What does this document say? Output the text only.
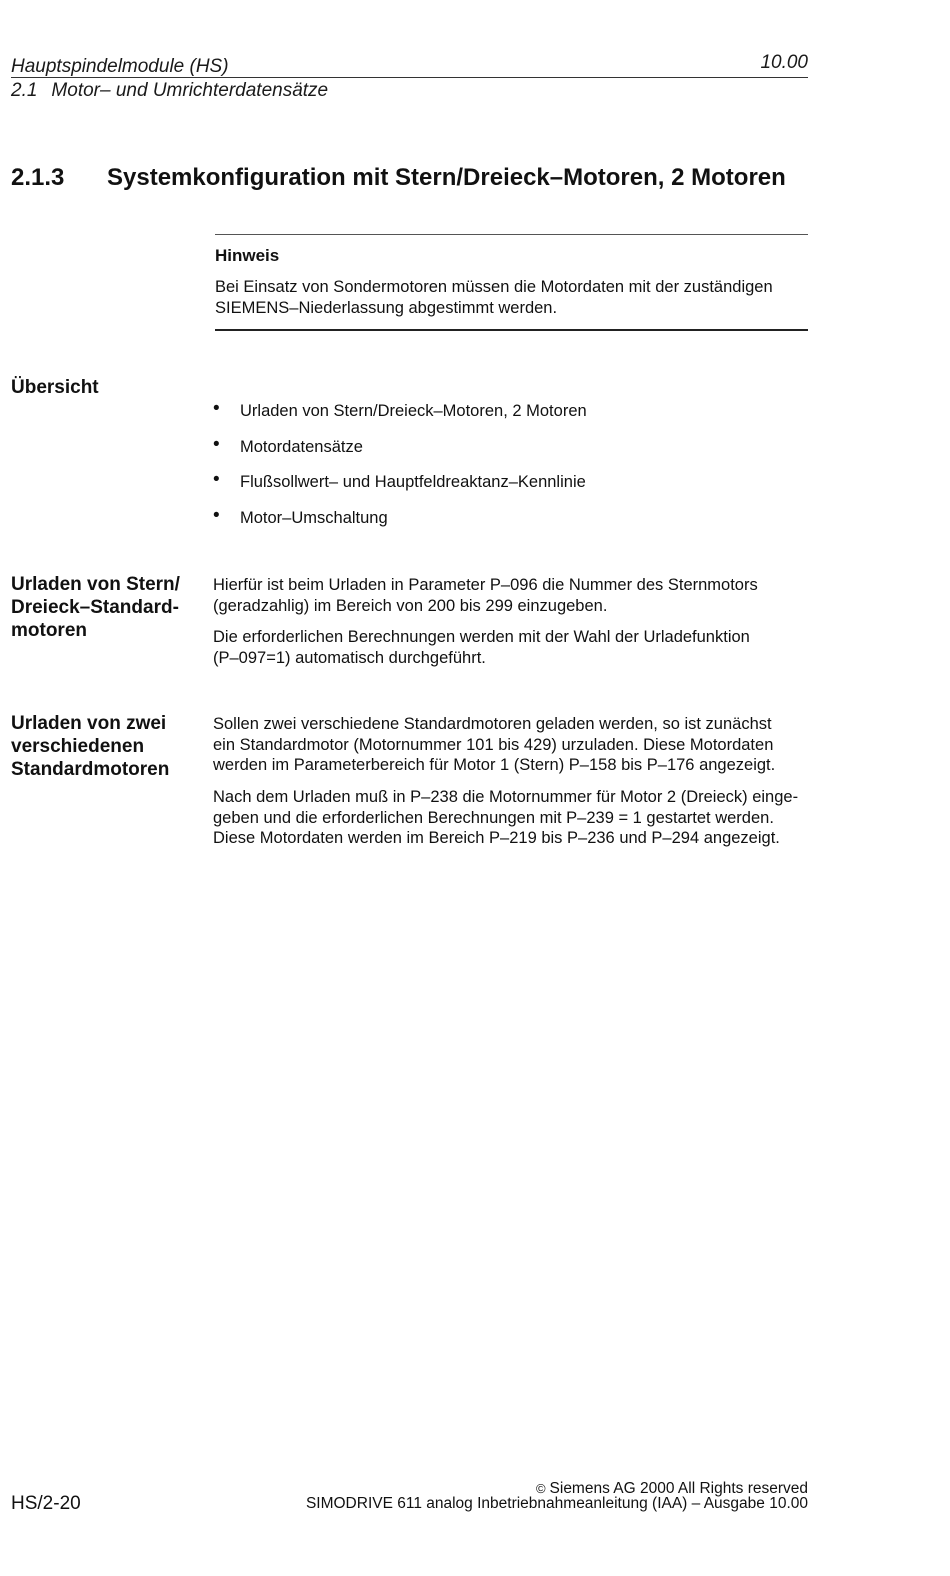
Hauptspindelmodule (HS)	10.00
2.1 Motor– und Umrichterdatensätze
2.1.3 Systemkonfiguration mit Stern/Dreieck–Motoren, 2 Motoren
Hinweis
Bei Einsatz von Sondermotoren müssen die Motordaten mit der zuständigen
SIEMENS–Niederlassung abgestimmt werden.
Übersicht
• Urladen von Stern/Dreieck–Motoren, 2 Motoren
• Motordatensätze
• Flußsollwert– und Hauptfeldreaktanz–Kennlinie
• Motor–Umschaltung
Urladen von Stern/
Dreieck–Standard-
motoren

Hierfür ist beim Urladen in Parameter P–096 die Nummer des Sternmotors
(geradzahlig) im Bereich von 200 bis 299 einzugeben.

Die erforderlichen Berechnungen werden mit der Wahl der Urladefunktion
(P–097=1) automatisch durchgeführt.

Urladen von zwei
verschiedenen
Standardmotoren

Sollen zwei verschiedene Standardmotoren geladen werden, so ist zunächst
ein Standardmotor (Motornummer 101 bis 429) urzuladen. Diese Motordaten
werden im Parameterbereich für Motor 1 (Stern) P–158 bis P–176 angezeigt.

Nach dem Urladen muß in P–238 die Motornummer für Motor 2 (Dreieck) einge-
geben und die erforderlichen Berechnungen mit P–239 = 1 gestartet werden.
Diese Motordaten werden im Bereich P–219 bis P–236 und P–294 angezeigt.

© Siemens AG 2000 All Rights reserved
HS/2-20	SIMODRIVE 611 analog Inbetriebnahmeanleitung (IAA) – Ausgabe 10.00
